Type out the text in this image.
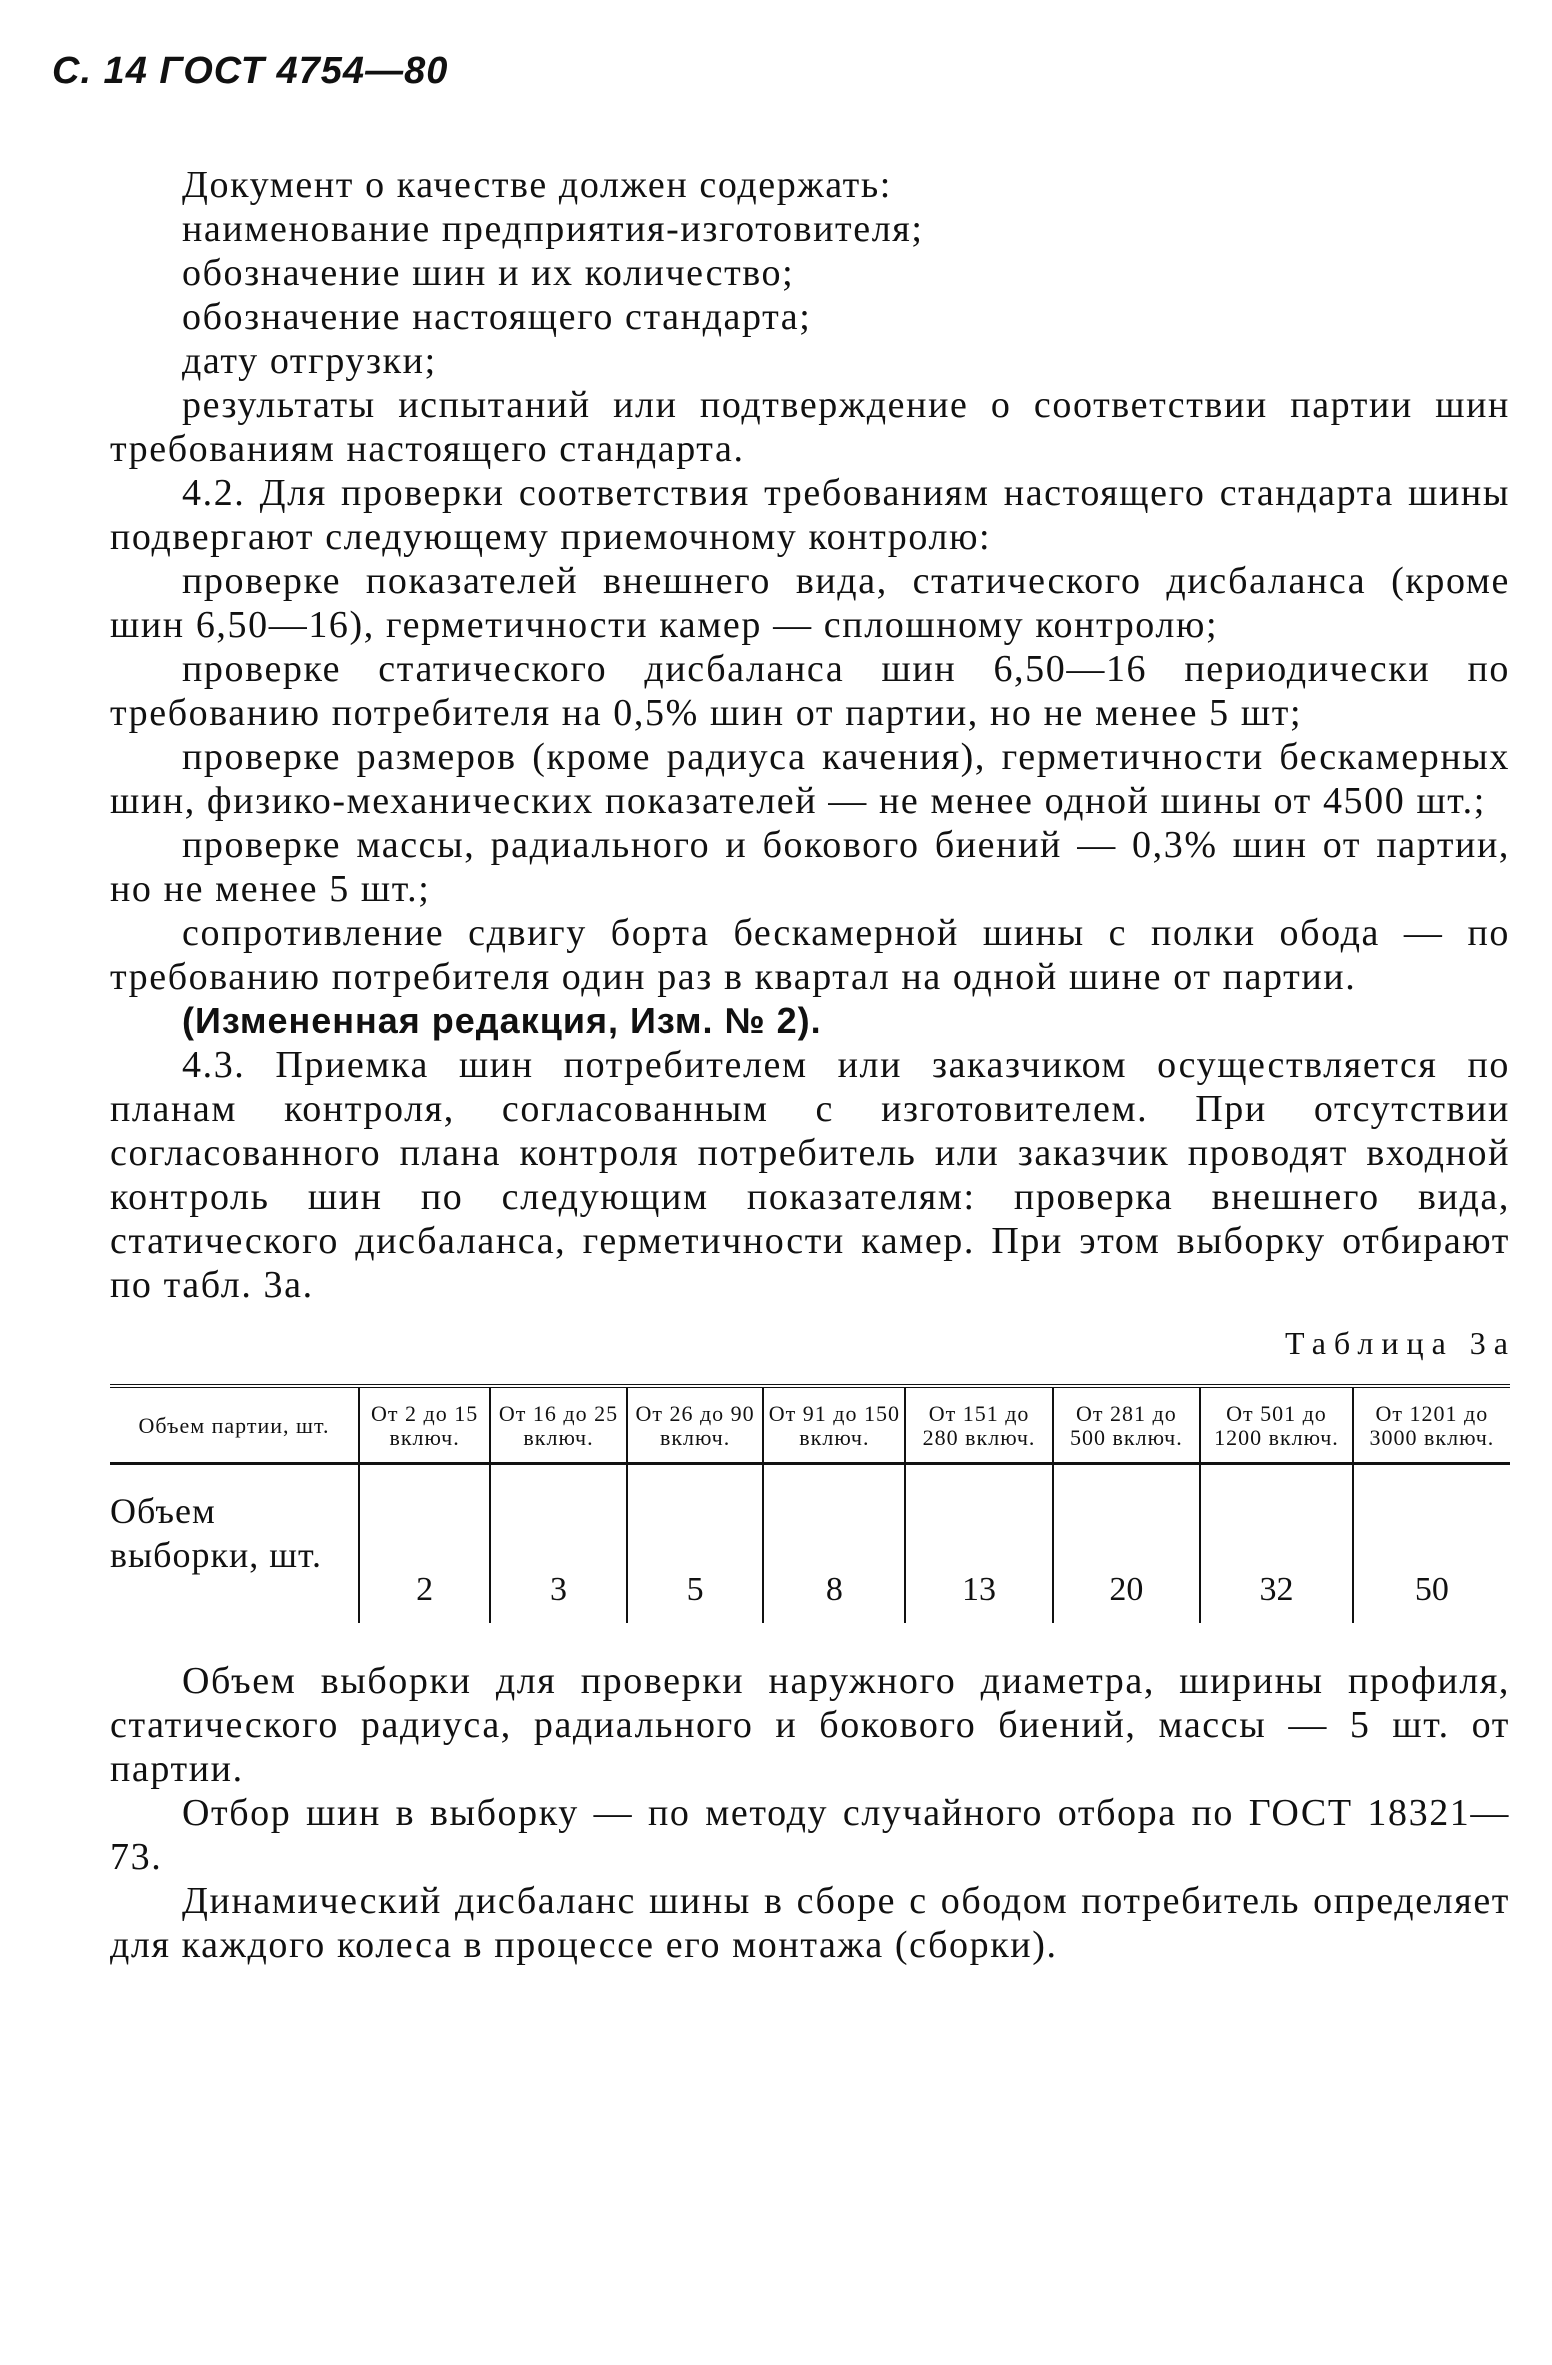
С. 14 ГОСТ 4754—80

Документ о качестве должен содержать:

наименование предприятия-изготовителя;

обозначение шин и их количество;

обозначение настоящего стандарта;

дату отгрузки;

результаты испытаний или подтверждение о соответствии партии шин требованиям настоящего стандарта.

4.2. Для проверки соответствия требованиям настоящего стандарта шины подвергают следующему приемочному контролю:

проверке показателей внешнего вида, статического дисбаланса (кроме шин 6,50—16), герметичности камер — сплошному контролю;

проверке статического дисбаланса шин 6,50—16 периодически по требованию потребителя на 0,5% шин от партии, но не менее 5 шт;

проверке размеров (кроме радиуса качения), герметичности бескамерных шин, физико-механических показателей — не менее одной шины от 4500 шт.;

проверке массы, радиального и бокового биений — 0,3% шин от партии, но не менее 5 шт.;

сопротивление сдвигу борта бескамерной шины с полки обода — по требованию потребителя один раз в квартал на одной шине от партии.

(Измененная редакция, Изм. № 2).

4.3. Приемка шин потребителем или заказчиком осуществляется по планам контроля, согласованным с изготовителем. При отсутствии согласованного плана контроля потребитель или заказчик проводят входной контроль шин по следующим показателям: проверка внешнего вида, статического дисбаланса, герметичности камер. При этом выборку отбирают по табл. 3а.

Таблица 3а
Объем партии, шт.	От 2 до 15 включ.	От 16 до 25 включ.	От 26 до 90 включ.	От 91 до 150 включ.	От 151 до 280 включ.	От 281 до 500 включ.	От 501 до 1200 включ.	От 1201 до 3000 включ.
Объем выборки, шт.	2	3	5	8	13	20	32	50

Объем выборки для проверки наружного диаметра, ширины профиля, статического радиуса, радиального и бокового биений, массы — 5 шт. от партии.

Отбор шин в выборку — по методу случайного отбора по ГОСТ 18321—73.

Динамический дисбаланс шины в сборе с ободом потребитель определяет для каждого колеса в процессе его монтажа (сборки).
